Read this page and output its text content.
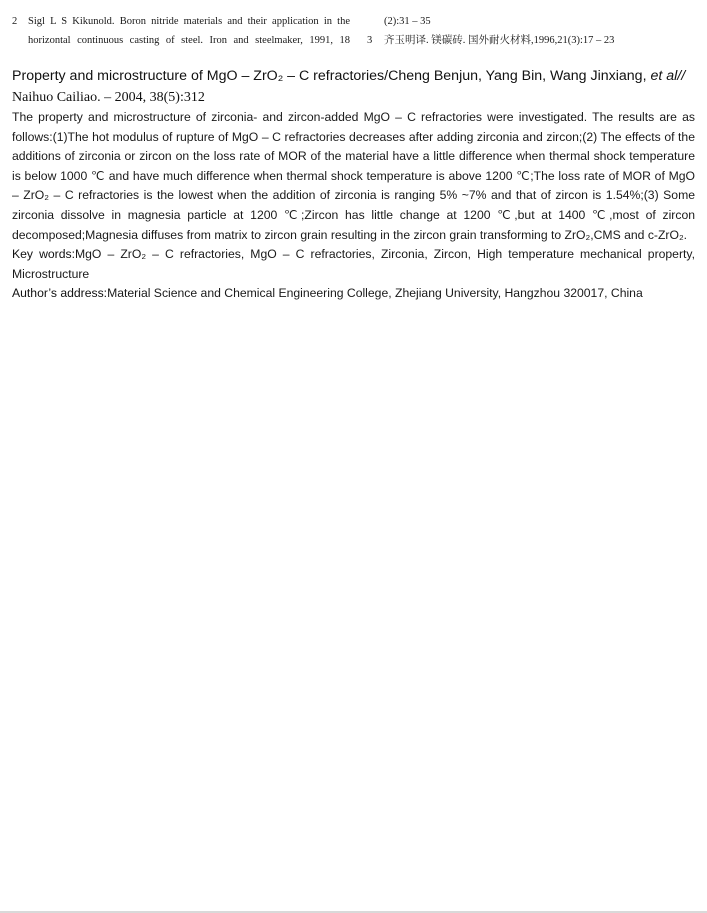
2 Sigl L S Kikunold. Boron nitride materials and their application in the
horizontal continuous casting of steel. Iron and steelmaker, 1991, 18
(2):31 – 35
3 齐玉明译. 镁碳砖. 国外耐火材料,1996,21(3):17 – 23

Property and microstructure of MgO – ZrO₂ – C refractories/Cheng Benjun, Yang Bin, Wang Jinxiang, et al// Naihuo Cailiao. – 2004, 38(5):312

The property and microstructure of zirconia- and zircon-added MgO – C refractories were investigated. The results are as follows:(1)The hot modulus of rupture of MgO – C refractories decreases after adding zirconia and zircon;(2) The effects of the additions of zirconia or zircon on the loss rate of MOR of the material have a little difference when thermal shock temperature is below 1000 ℃ and have much difference when thermal shock temperature is above 1200 ℃;The loss rate of MOR of MgO – ZrO₂ – C refractories is the lowest when the addition of zirconia is ranging 5% ~7% and that of zircon is 1.54%;(3) Some zirconia dissolve in magnesia particle at 1200 ℃;Zircon has little change at 1200 ℃,but at 1400 ℃,most of zircon decomposed;Magnesia diffuses from matrix to zircon grain resulting in the zircon grain transforming to ZrO₂,CMS and c-ZrO₂.

Key words:MgO – ZrO₂ – C refractories, MgO – C refractories, Zirconia, Zircon, High temperature mechanical property, Microstructure

Author’s address:Material Science and Chemical Engineering College, Zhejiang University, Hangzhou 320017, China
